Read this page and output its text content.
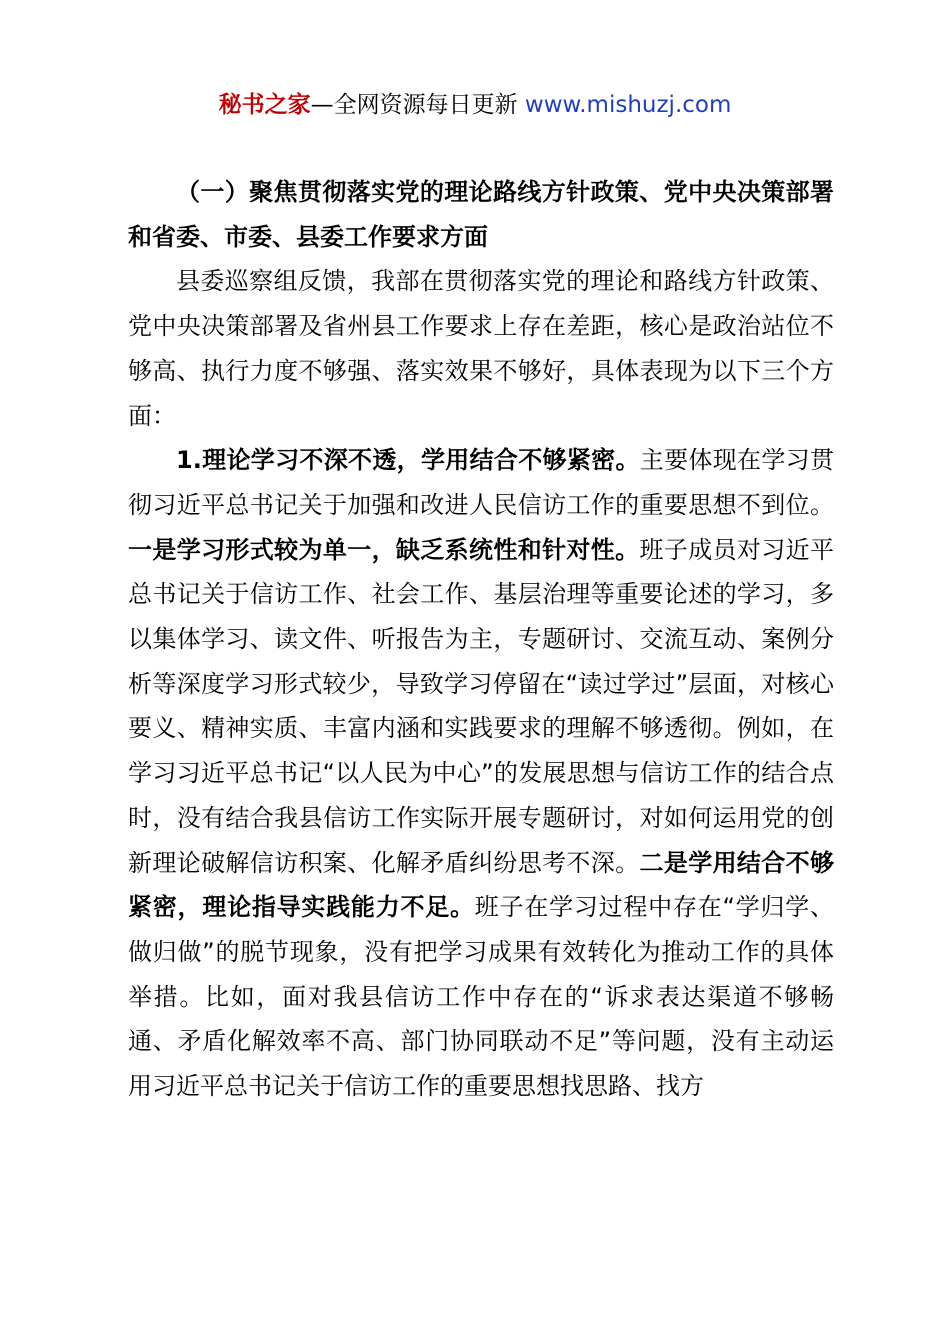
秘书之家—全网资源每日更新 www.mishuzj.com

（一）聚焦贯彻落实党的理论路线方针政策、党中央决策部署和省委、市委、县委工作要求方面

县委巡察组反馈，我部在贯彻落实党的理论和路线方针政策、党中央决策部署及省州县工作要求上存在差距，核心是政治站位不够高、执行力度不够强、落实效果不够好，具体表现为以下三个方面：

1.理论学习不深不透，学用结合不够紧密。主要体现在学习贯彻习近平总书记关于加强和改进人民信访工作的重要思想不到位。一是学习形式较为单一，缺乏系统性和针对性。班子成员对习近平总书记关于信访工作、社会工作、基层治理等重要论述的学习，多以集体学习、读文件、听报告为主，专题研讨、交流互动、案例分析等深度学习形式较少，导致学习停留在“读过学过”层面，对核心要义、精神实质、丰富内涵和实践要求的理解不够透彻。例如，在学习习近平总书记“以人民为中心”的发展思想与信访工作的结合点时，没有结合我县信访工作实际开展专题研讨，对如何运用党的创新理论破解信访积案、化解矛盾纠纷思考不深。二是学用结合不够紧密，理论指导实践能力不足。班子在学习过程中存在“学归学、做归做”的脱节现象，没有把学习成果有效转化为推动工作的具体举措。比如，面对我县信访工作中存在的“诉求表达渠道不够畅通、矛盾化解效率不高、部门协同联动不足”等问题，没有主动运用习近平总书记关于信访工作的重要思想找思路、找方
